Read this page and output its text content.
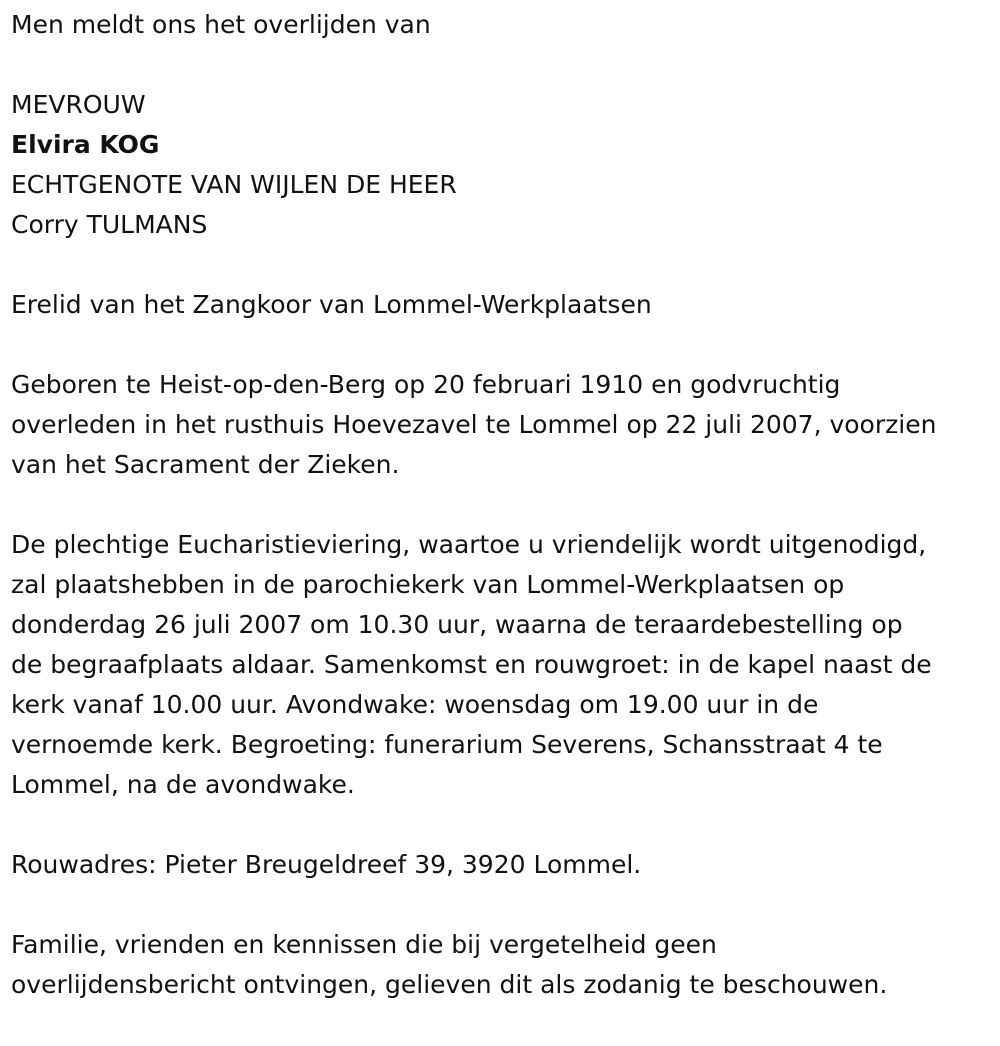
Men meldt ons het overlijden van
MEVROUW
Elvira KOG
ECHTGENOTE VAN WIJLEN DE HEER
Corry TULMANS
Erelid van het Zangkoor van Lommel-Werkplaatsen
Geboren te Heist-op-den-Berg op 20 februari 1910 en godvruchtig
overleden in het rusthuis Hoevezavel te Lommel op 22 juli 2007, voorzien
van het Sacrament der Zieken.
De plechtige Eucharistieviering, waartoe u vriendelijk wordt uitgenodigd,
zal plaatshebben in de parochiekerk van Lommel-Werkplaatsen op
donderdag 26 juli 2007 om 10.30 uur, waarna de teraardebestelling op
de begraafplaats aldaar. Samenkomst en rouwgroet: in de kapel naast de
kerk vanaf 10.00 uur. Avondwake: woensdag om 19.00 uur in de
vernoemde kerk. Begroeting: funerarium Severens, Schansstraat 4 te
Lommel, na de avondwake.
Rouwadres: Pieter Breugeldreef 39, 3920 Lommel.
Familie, vrienden en kennissen die bij vergetelheid geen
overlijdensbericht ontvingen, gelieven dit als zodanig te beschouwen.
